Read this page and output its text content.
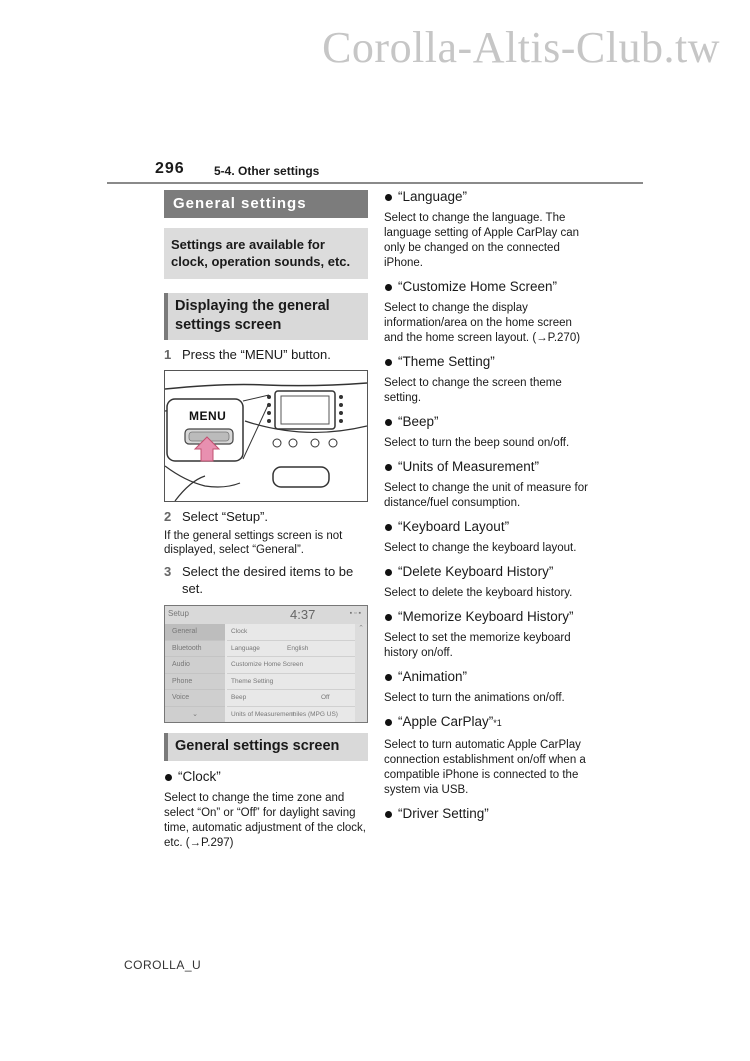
Corolla-Altis-Club.tw
296 5-4. Other settings
General settings
Settings are available for clock, operation sounds, etc.
Displaying the general settings screen
1 Press the “MENU” button.
MENU
2 Select “Setup”.
If the general settings screen is not displayed, select “General”.
3 Select the desired items to be set.
Setup	4:37	▪ ▫ ▪
General
Bluetooth
Audio
Phone
Voice
⌄
Clock
Language	English
Customize Home Screen
Theme Setting
Beep	Off
Units of Measurement
miles (MPG US)
⌃
General settings screen
“Clock”
Select to change the time zone and select “On” or “Off” for daylight saving time, automatic adjustment of the clock, etc. (→P.297)
“Language”
Select to change the language. The language setting of Apple CarPlay can only be changed on the connected iPhone.
“Customize Home Screen”
Select to change the display information/area on the home screen and the home screen layout. (→P.270)
“Theme Setting”
Select to change the screen theme setting.
“Beep”
Select to turn the beep sound on/off.
“Units of Measurement”
Select to change the unit of measure for distance/fuel consumption.
“Keyboard Layout”
Select to change the keyboard layout.
“Delete Keyboard History”
Select to delete the keyboard history.
“Memorize Keyboard History”
Select to set the memorize keyboard history on/off.
“Animation”
Select to turn the animations on/off.
“Apple CarPlay” *1
Select to turn automatic Apple CarPlay connection establishment on/off when a compatible iPhone is connected to the system via USB.
“Driver Setting”
COROLLA_U
